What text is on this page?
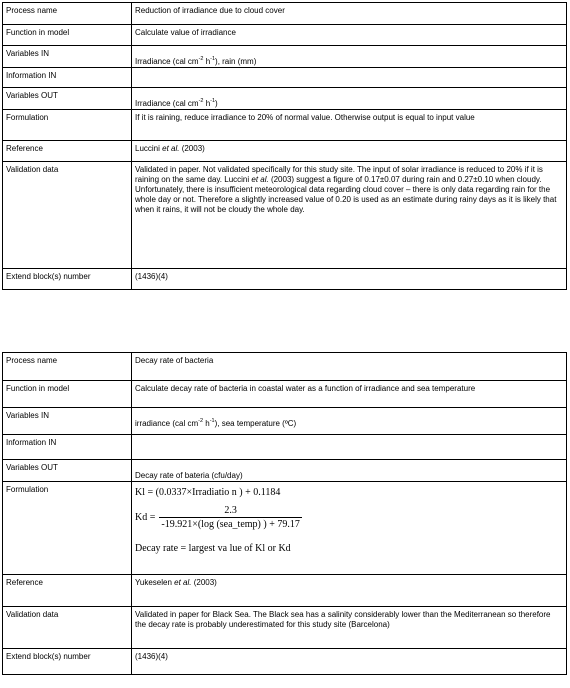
Process name	Reduction of irradiance due to cloud cover
Function in model	Calculate value of irradiance
Variables IN	Irradiance (cal $cm^{-2}$ $h^{-1}$), rain (mm)

Information IN	
Variables OUT	Irradiance (cal $cm^{-2}$ $h^{-1}$)

Formulation	If it is raining, reduce irradiance to 20% of normal value. Otherwise output is equal to input value
Reference	Luccini et al. (2003)
Validation data	Validated in paper. Not validated specifically for this study site. The input of solar irradiance is reduced to 20% if it is raining on the same day. Luccini et al. (2003) suggest a figure of 0.17±0.07 during rain and 0.27±0.10 when cloudy. Unfortunately, there is insufficient meteorological data regarding cloud cover – there is only data regarding rain for the whole day or not. Therefore a slightly increased value of 0.20 is used as an estimate during rainy days as it is likely that when it rains, it will not be cloudy the whole day.
Extend block(s) number	(1436)(4)
Process name	Decay rate of bacteria
Function in model	Calculate decay rate of bacteria in coastal water as a function of irradiance and sea temperature
Variables IN	irradiance (cal $cm^{-2}$ $h^{-1}$), sea temperature (ºC)

Information IN	
Variables OUT	Decay rate of bateria (cfu/day)

Formulation	Kl = (0.0337×Irradiatio n ) + 0.1184
$Kd = \frac{2.3}{\text{-19.921×(log (sea\_temp) ) + 79.17}}$
Decay rate = largest va lue of Kl or Kd

Reference	Yukeselen et al. (2003)
Validation data	Validated in paper for Black Sea. The Black sea has a salinity considerably lower than the Mediterranean so therefore the decay rate is probably underestimated for this study site (Barcelona)
Extend block(s) number	(1436)(4)
